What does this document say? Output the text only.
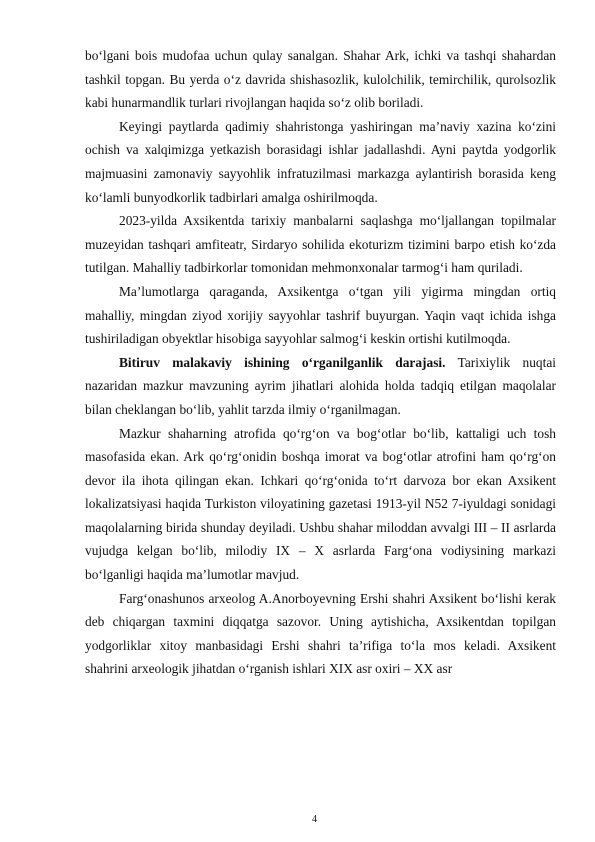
bo‘lgani bois mudofaa uchun qulay sanalgan. Shahar Ark, ichki va tashqi shahardan tashkil topgan. Bu yerda o‘z davrida shishasozlik, kulolchilik, temirchilik, qurolsozlik kabi hunarmandlik turlari rivojlangan haqida so‘z olib boriladi.

Keyingi paytlarda qadimiy shahristonga yashiringan ma’naviy xazina ko‘zini ochish va xalqimizga yetkazish borasidagi ishlar jadallashdi. Ayni paytda yodgorlik majmuasini zamonaviy sayyohlik infratuzilmasi markazga aylantirish borasida keng ko‘lamli bunyodkorlik tadbirlari amalga oshirilmoqda.

2023-yilda Axsikentda tarixiy manbalarni saqlashga mo‘ljallangan topilmalar muzeyidan tashqari amfiteatr, Sirdaryo sohilida ekoturizm tizimini barpo etish ko‘zda tutilgan. Mahalliy tadbirkorlar tomonidan mehmonxonalar tarmog‘i ham quriladi.

Ma’lumotlarga qaraganda, Axsikentga o‘tgan yili yigirma mingdan ortiq mahalliy, mingdan ziyod xorijiy sayyohlar tashrif buyurgan. Yaqin vaqt ichida ishga tushiriladigan obyektlar hisobiga sayyohlar salmog‘i keskin ortishi kutilmoqda.

Bitiruv malakaviy ishining o‘rganilganlik darajasi. Tarixiylik nuqtai nazaridan mazkur mavzuning ayrim jihatlari alohida holda tadqiq etilgan maqolalar bilan cheklangan bo‘lib, yahlit tarzda ilmiy o‘rganilmagan.

Mazkur shaharning atrofida qo‘rg‘on va bog‘otlar bo‘lib, kattaligi uch tosh masofasida ekan. Ark qo‘rg‘onidin boshqa imorat va bog‘otlar atrofini ham qo‘rg‘on devor ila ihota qilingan ekan. Ichkari qo‘rg‘onida to‘rt darvoza bor ekan Axsikent lokalizatsiyasi haqida Turkiston viloyatining gazetasi 1913-yil N52 7-iyuldagi sonidagi maqolalarning birida shunday deyiladi. Ushbu shahar miloddan avvalgi III – II asrlarda vujudga kelgan bo‘lib, milodiy IX – X asrlarda Farg‘ona vodiysining markazi bo‘lganligi haqida ma’lumotlar mavjud.

Farg‘onashunos arxeolog A.Anorboyevning Ershi shahri Axsikent bo‘lishi kerak deb chiqargan taxmini diqqatga sazovor. Uning aytishicha, Axsikentdan topilgan yodgorliklar xitoy manbasidagi Ershi shahri ta’rifiga to‘la mos keladi. Axsikent shahrini arxeologik jihatdan o‘rganish ishlari XIX asr oxiri – XX asr

4
